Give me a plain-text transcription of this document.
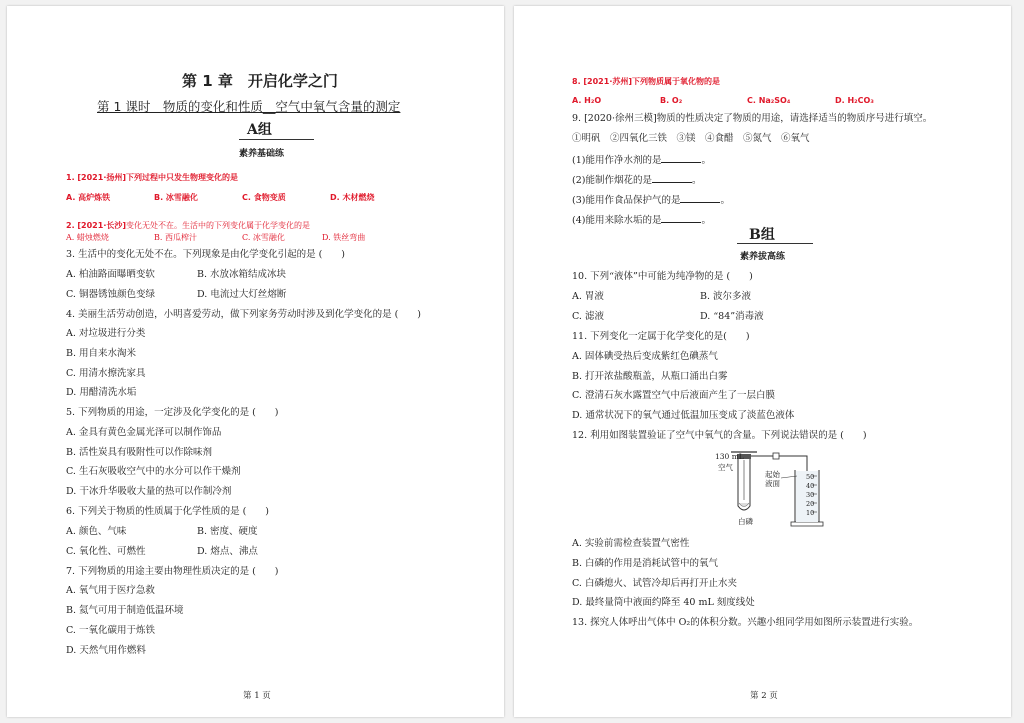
第 1 章　开启化学之门
第 1 课时　物质的变化和性质__空气中氧气含量的测定
A组
素养基础练
1. [2021·扬州]下列过程中只发生物理变化的是
A. 高炉炼铁	B. 冰雪融化	C. 食物变质	D. 木材燃烧
2. [2021·长沙]变化无处不在。生活中的下列变化属于化学变化的是
A. 蜡烛燃烧	B. 西瓜榨汁	C. 冰雪融化	D. 铁丝弯曲
3. 生活中的变化无处不在。下列现象是由化学变化引起的是 (　　)
A. 柏油路面曝晒变软	B. 水放冰箱结成冰块
C. 铜器锈蚀颜色变绿	D. 电流过大灯丝熔断
4. 美丽生活劳动创造，小明喜爱劳动，做下列家务劳动时涉及到化学变化的是 (　　)
A. 对垃圾进行分类
B. 用自来水淘米
C. 用清水擦洗家具
D. 用醋清洗水垢
5. 下列物质的用途，一定涉及化学变化的是 (　　)
A. 金具有黄色金属光泽可以制作饰品
B. 活性炭具有吸附性可以作除味剂
C. 生石灰吸收空气中的水分可以作干燥剂
D. 干冰升华吸收大量的热可以作制冷剂
6. 下列关于物质的性质属于化学性质的是 (　　)
A. 颜色、气味	B. 密度、硬度
C. 氧化性、可燃性	D. 熔点、沸点
7. 下列物质的用途主要由物理性质决定的是 (　　)
A. 氧气用于医疗急救
B. 氦气可用于制造低温环境
C. 一氧化碳用于炼铁
D. 天然气用作燃料
第 1 页
8. [2021·苏州]下列物质属于氧化物的是
A. H₂O	B. O₂	C. Na₂SO₄	D. H₂CO₃
9. [2020·徐州三模]物质的性质决定了物质的用途，请选择适当的物质序号进行填空。
①明矾　②四氧化三铁　③镁　④食醋　⑤氮气　⑥氧气
(1)能用作净水剂的是	。
(2)能制作烟花的是	。
(3)能用作食品保护气的是	。
(4)能用来除水垢的是	。
B组
素养拔高练
10. 下列“液体”中可能为纯净物的是 (　　)
A. 胃液	B. 波尔多液
C. 滤液	D. “84”消毒液
11. 下列变化一定属于化学变化的是(　　)
A. 固体碘受热后变成紫红色碘蒸气
B. 打开浓盐酸瓶盖，从瓶口涌出白雾
C. 澄清石灰水露置空气中后液面产生了一层白膜
D. 通常状况下的氧气通过低温加压变成了淡蓝色液体
12. 利用如图装置验证了空气中氧气的含量。下列说法错误的是 (　　)
130 mL
空气
起始
液面
白磷
50
40
30
20
10
A. 实验前需检查装置气密性
B. 白磷的作用是消耗试管中的氧气
C. 白磷熄火、试管冷却后再打开止水夹
D. 最终量筒中液面约降至 40 mL 刻度线处
13. 探究人体呼出气体中 O₂的体积分数。兴趣小组同学用如图所示装置进行实验。
第 2 页
